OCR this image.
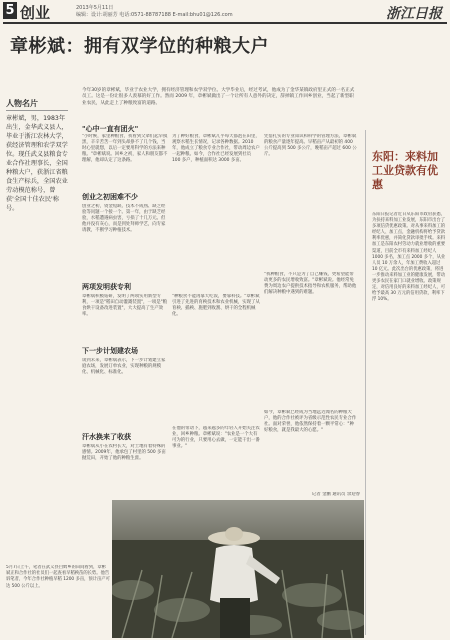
5 创业	2013年5月11日
编辑：设计:胡丽芳 电话:0571-88787188 E-mail:bhu01@126.com	浙江日报
章彬斌：拥有双学位的种粮大户
今年30岁的章彬斌，毕业于农业大学，拥有经济管理和农学双学位。大学毕业后，经过考试，他成为了金华某镇政府里正式的一名正式员工。这是一份让很多人羡慕的好工作。然而 2009 年，章彬斌做出了一个让所有人意外的决定，辞掉镇工作回乡创业，当起了新型职业农民，从此走上了种粮致富的道路。
人物名片
章彬斌，男，1983年出生，金华武义县人，毕业于浙江农林大学，获经济管理和农学双学位。现任武义县粮食专业合作社理事长，全国种粮大户，获浙江省粮食生产标兵，全国农业劳动模范称号，曾获'全国十佳农民'称号。
"心中一直有团火"
"小时候，家里种粮食，我看到父辈们起早摸黑，辛辛苦苦一年到头却挣不了几个钱，当时心里就想，以后一定要用科学的方法来种粮。"章彬斌说。回乡之初，家人和朋友都不理解，他却认定了这条路。
创业之初困难不少
创业之初，资金短缺、技术不成熟、缺乏经验等问题一个接一个。第一年，由于缺乏经验，水稻遭遇病虫害，亏损了十几万元。但他并没有灰心，而是到处拜师学艺，向专家请教，不断学习种植技术。
两项发明获专利
章彬斌积极钻研，发明了两项实用新型专利，一项是"稻田自动灌溉装置"，一项是"粮食烘干设备改进装置"，大大提高了生产效率。
下一步计划建农场
谈到未来，章彬斌表示，下一步计划建立家庭农场，发展订单农业，实现种粮的规模化、机械化、标准化。
汗水换来了收获
章彬斌从小在农村长大，对土地有着特殊的感情。2009年，他承包了村里的 500 多亩抛荒田，开始了他的种粮生涯。
为了种好粮食，章彬斌几乎每天都泡在田里，观察水稻生长情况，记录各种数据。2010 年，他成立了粮食专业合作社，带动周边农户一起种粮。如今，合作社已经发展到社员 100 多户，种植面积达 3000 多亩。
"种粮食不能再靠天吃饭，要靠科技。"章彬斌引进了先进的育秧技术和农业机械，实现了从育秧、插秧、施肥到收割、烘干的全程机械化。
在他的带动下，越来越多的年轻人开始关注农业，回乡种粮。章彬斌说："农业是一个大有可为的行业，只要用心去做，一定能干出一番事业。"
凭借扎实的专业知识和科学的管理方法，章彬斌的粮食产量逐年提高。早稻亩产从最初的 400 公斤提高到 500 多公斤，晚稻亩产超过 600 公斤。
"我种粮食，不只是为了自己赚钱，更希望能带动更多的农民增收致富。"章彬斌说。他经常免费为周边农户提供技术指导和农机服务，帮助他们解决种粮中遇到的难题。
如今，章彬斌已经成为当地远近闻名的种粮大户，他的合作社被评为省级示范性农民专业合作社。面对荣誉，他依然保持着一颗平常心："种好粮食，就是我最大的心愿。"
记者 金鹏 通讯员 余迎春
东阳：来料加工业贷款有优惠
东阳日报记者近日从东阳市政府获悉，为扶持来料加工业发展，东阳市出台了多项信贷优惠政策。对从事来料加工的经纪人、加工点，金融机构将给予贷款利率优惠，并简化贷款审批手续。来料加工是东阳农村劳动力就业增收的重要渠道，目前全市有来料加工经纪人 1000 多名，加工点 2000 多个，从业人员 10 万余人，年加工费收入超过 10 亿元。此次出台的优惠政策，将进一步推动来料加工业的健康发展，带动更多农民在家门口就业增收。政策规定，对信用良好的来料加工经纪人，可给予最高 30 万元的信用贷款，利率下浮 10%。
5月7日上午，笔者在武义县白姆乡的田间看到，章彬斌正和合作社的社员们一起查看早稻秧苗的长势。他告诉笔者，今年合作社种植早稻 1200 多亩，预计亩产可达 500 公斤以上。
